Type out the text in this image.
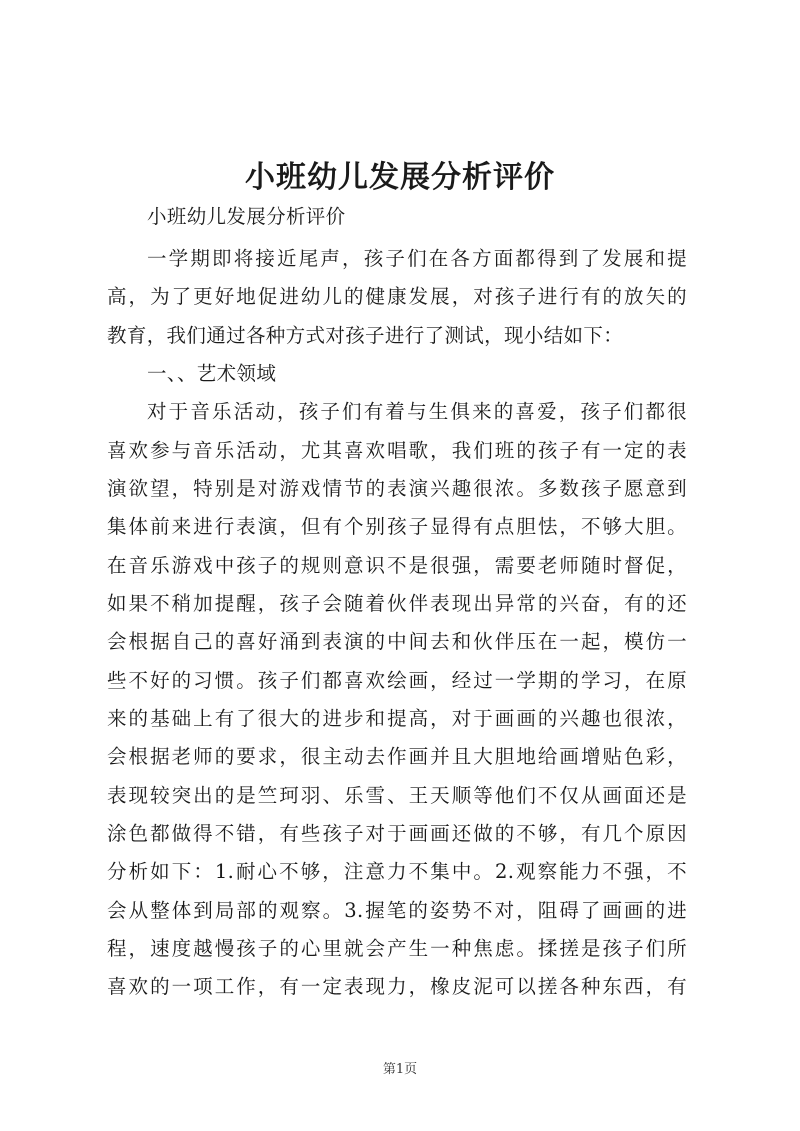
小班幼儿发展分析评价

小班幼儿发展分析评价

一学期即将接近尾声，孩子们在各方面都得到了发展和提

高，为了更好地促进幼儿的健康发展，对孩子进行有的放矢的

教育，我们通过各种方式对孩子进行了测试，现小结如下：

一、、艺术领域

对于音乐活动，孩子们有着与生俱来的喜爱，孩子们都很

喜欢参与音乐活动，尤其喜欢唱歌，我们班的孩子有一定的表

演欲望，特别是对游戏情节的表演兴趣很浓。多数孩子愿意到

集体前来进行表演，但有个别孩子显得有点胆怯，不够大胆。

在音乐游戏中孩子的规则意识不是很强，需要老师随时督促，

如果不稍加提醒，孩子会随着伙伴表现出异常的兴奋，有的还

会根据自己的喜好涌到表演的中间去和伙伴压在一起，模仿一

些不好的习惯。孩子们都喜欢绘画，经过一学期的学习，在原

来的基础上有了很大的进步和提高，对于画画的兴趣也很浓，

会根据老师的要求，很主动去作画并且大胆地给画增贴色彩，

表现较突出的是竺珂羽、乐雪、王天顺等他们不仅从画面还是

涂色都做得不错，有些孩子对于画画还做的不够，有几个原因

分析如下：1.耐心不够，注意力不集中。2.观察能力不强，不

会从整体到局部的观察。3.握笔的姿势不对，阻碍了画画的进

程，速度越慢孩子的心里就会产生一种焦虑。揉搓是孩子们所

喜欢的一项工作，有一定表现力，橡皮泥可以搓各种东西，有

第1页
